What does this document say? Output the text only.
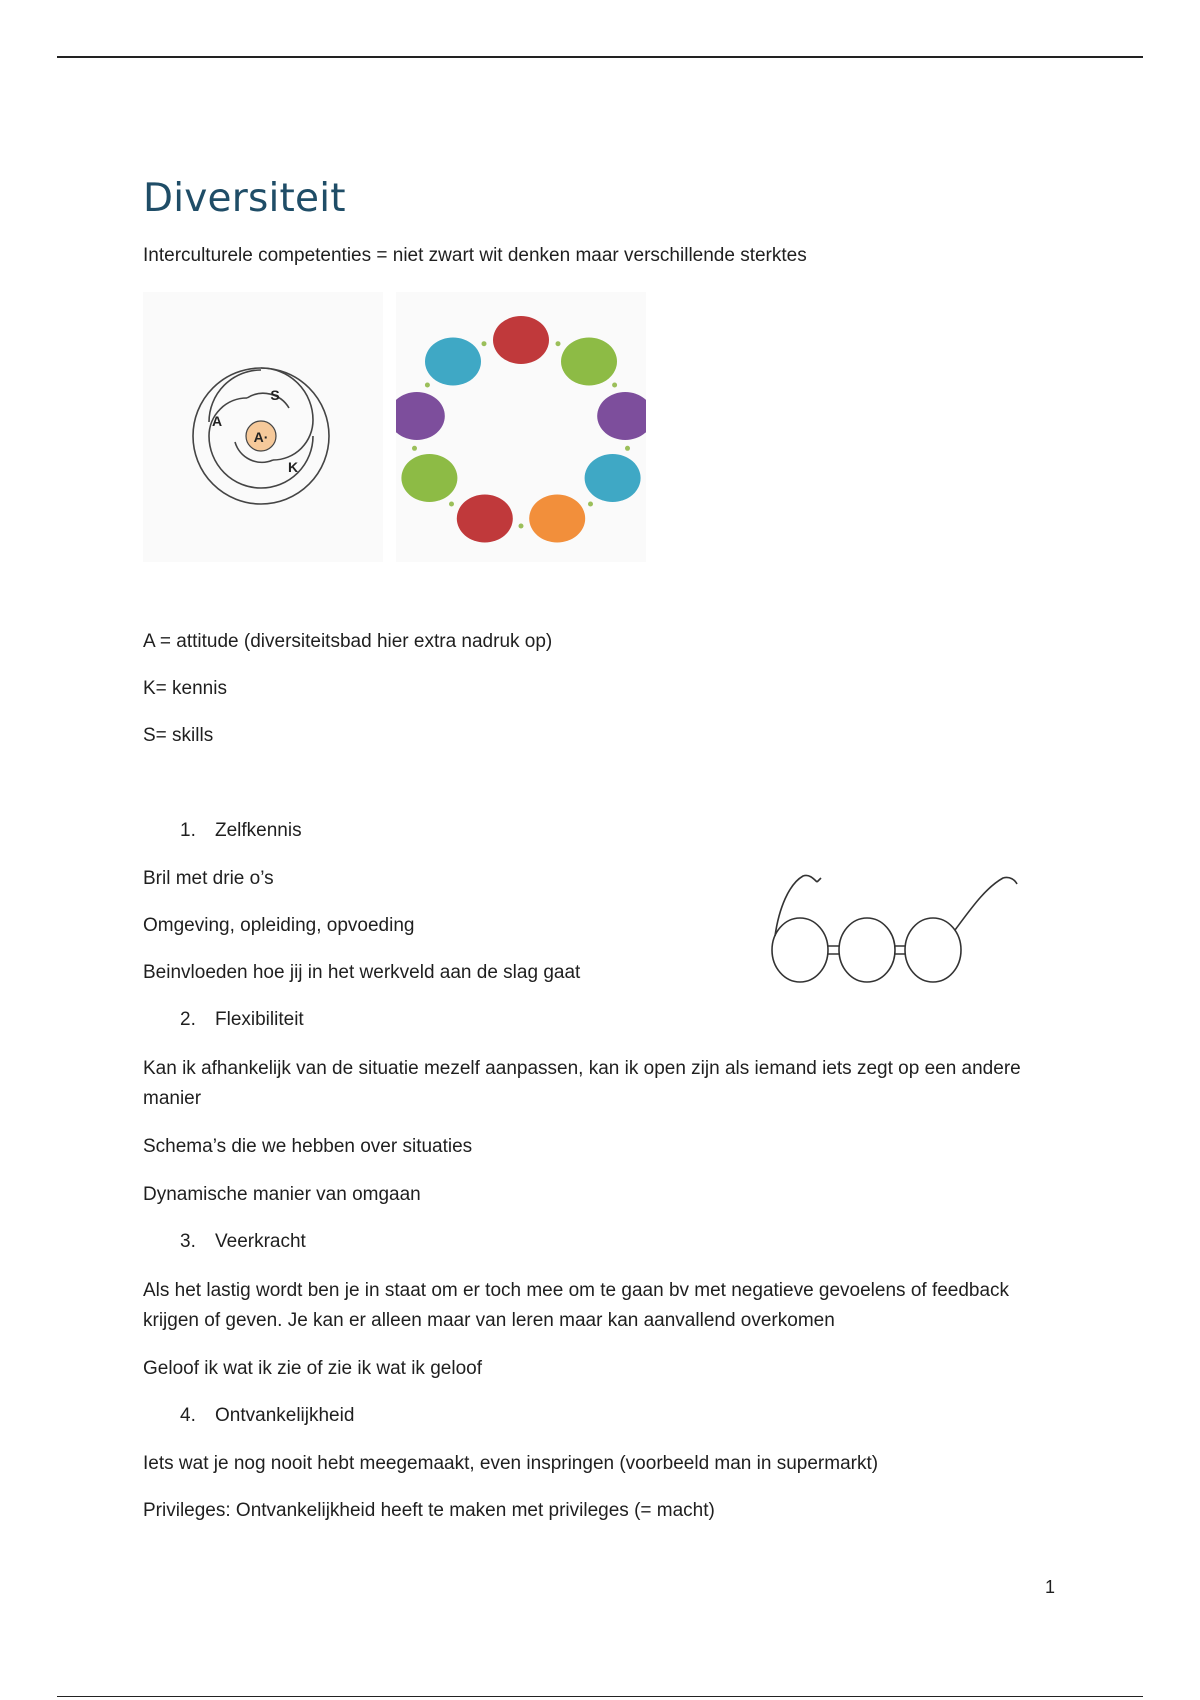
Diversiteit

Interculturele competenties = niet zwart wit denken maar verschillende sterktes

A·
S
A
K

A = attitude (diversiteitsbad hier extra nadruk op)

K= kennis

S= skills

1. Zelfkennis

Bril met drie o’s

Omgeving, opleiding, opvoeding

Beinvloeden hoe jij in het werkveld aan de slag gaat

2. Flexibiliteit

Kan ik afhankelijk van de situatie mezelf aanpassen, kan ik open zijn als iemand iets zegt op een andere manier

Schema’s die we hebben over situaties

Dynamische manier van omgaan

3. Veerkracht

Als het lastig wordt ben je in staat om er toch mee om te gaan bv met negatieve gevoelens of feedback krijgen of geven. Je kan er alleen maar van leren maar kan aanvallend overkomen

Geloof ik wat ik zie of zie ik wat ik geloof

4. Ontvankelijkheid

Iets wat je nog nooit hebt meegemaakt, even inspringen (voorbeeld man in supermarkt)

Privileges: Ontvankelijkheid heeft te maken met privileges (= macht)

1
